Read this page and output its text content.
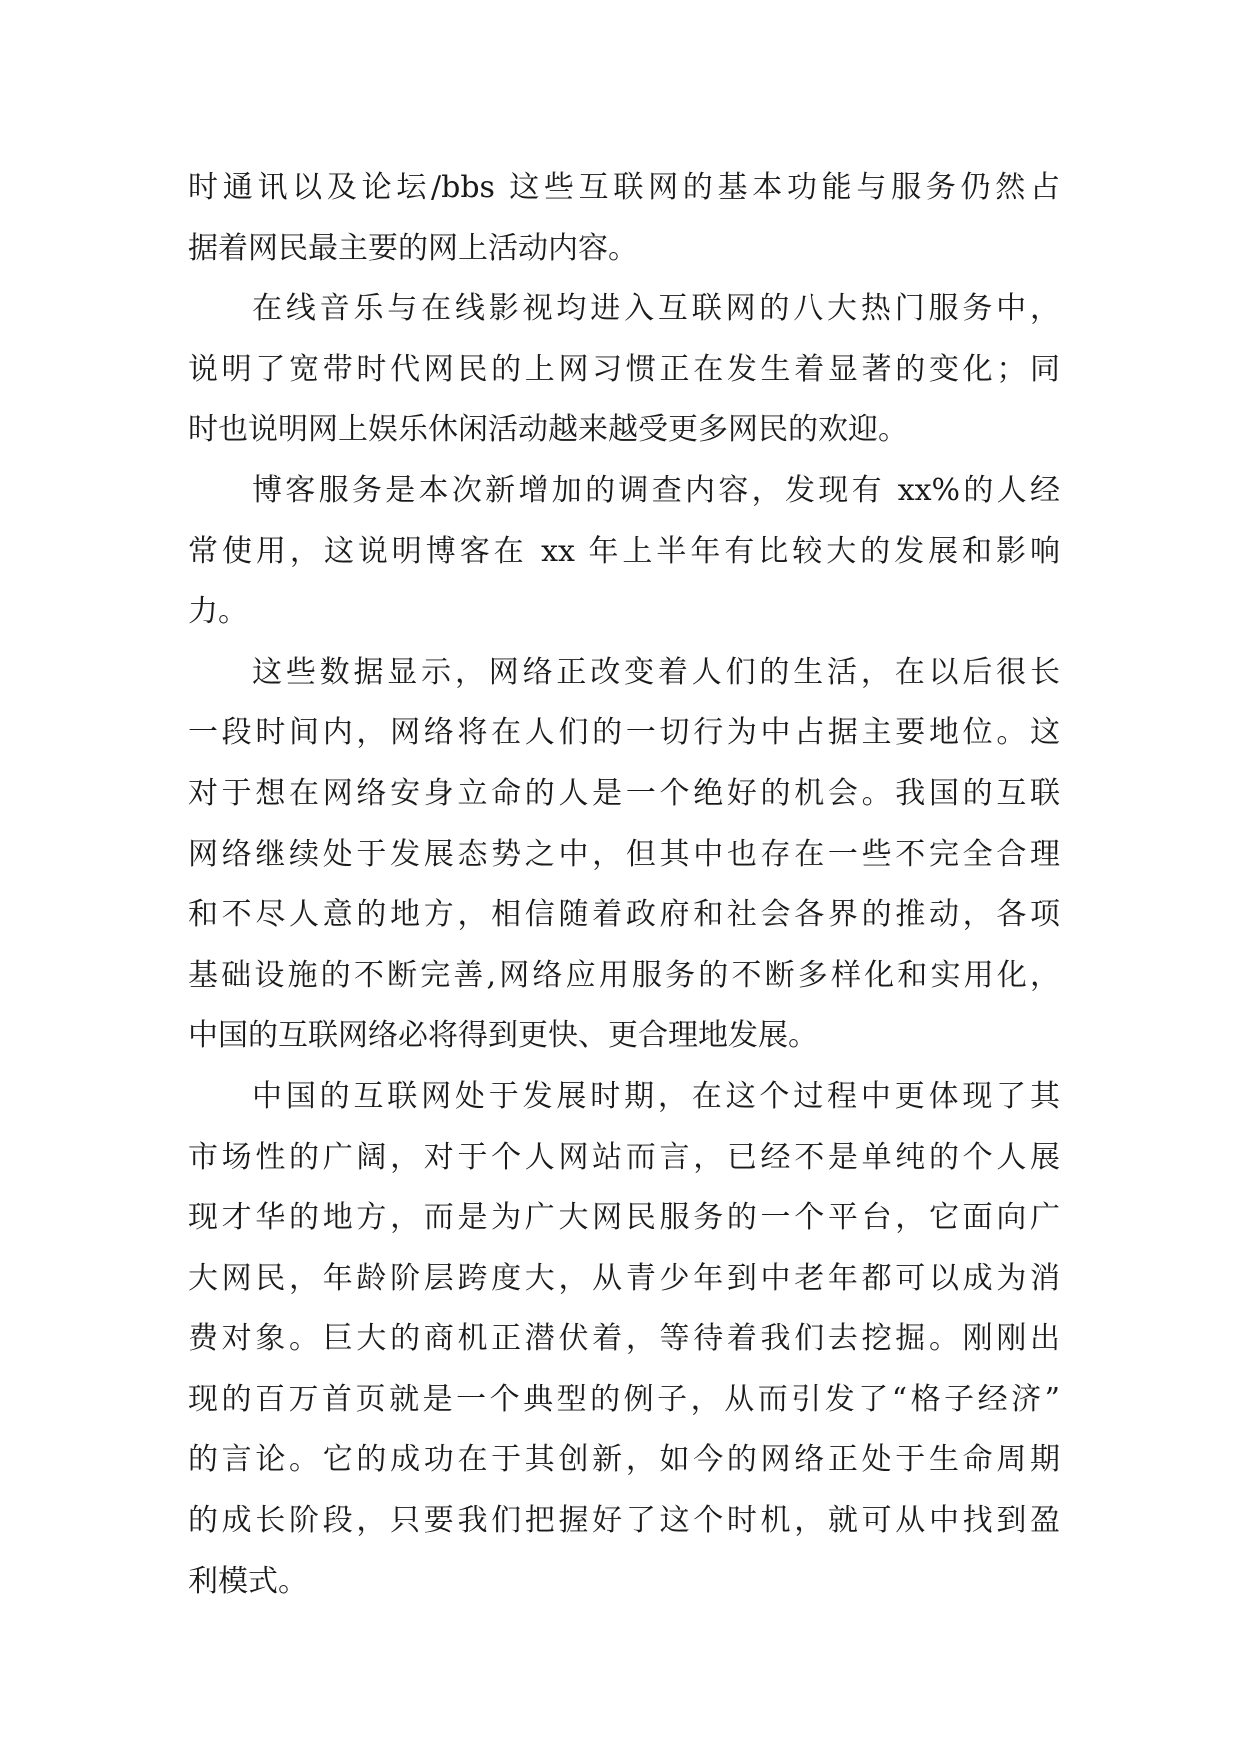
时通讯以及论坛/bbs 这些互联网的基本功能与服务仍然占
据着网民最主要的网上活动内容。
在线音乐与在线影视均进入互联网的八大热门服务中，
说明了宽带时代网民的上网习惯正在发生着显著的变化；同
时也说明网上娱乐休闲活动越来越受更多网民的欢迎。
博客服务是本次新增加的调查内容，发现有 xx%的人经
常使用，这说明博客在 xx 年上半年有比较大的发展和影响
力。
这些数据显示，网络正改变着人们的生活，在以后很长
一段时间内，网络将在人们的一切行为中占据主要地位。这
对于想在网络安身立命的人是一个绝好的机会。我国的互联
网络继续处于发展态势之中，但其中也存在一些不完全合理
和不尽人意的地方，相信随着政府和社会各界的推动，各项
基础设施的不断完善,网络应用服务的不断多样化和实用化，
中国的互联网络必将得到更快、更合理地发展。
中国的互联网处于发展时期，在这个过程中更体现了其
市场性的广阔，对于个人网站而言，已经不是单纯的个人展
现才华的地方，而是为广大网民服务的一个平台，它面向广
大网民，年龄阶层跨度大，从青少年到中老年都可以成为消
费对象。巨大的商机正潜伏着，等待着我们去挖掘。刚刚出
现的百万首页就是一个典型的例子，从而引发了“格子经济”
的言论。它的成功在于其创新，如今的网络正处于生命周期
的成长阶段，只要我们把握好了这个时机，就可从中找到盈
利模式。
